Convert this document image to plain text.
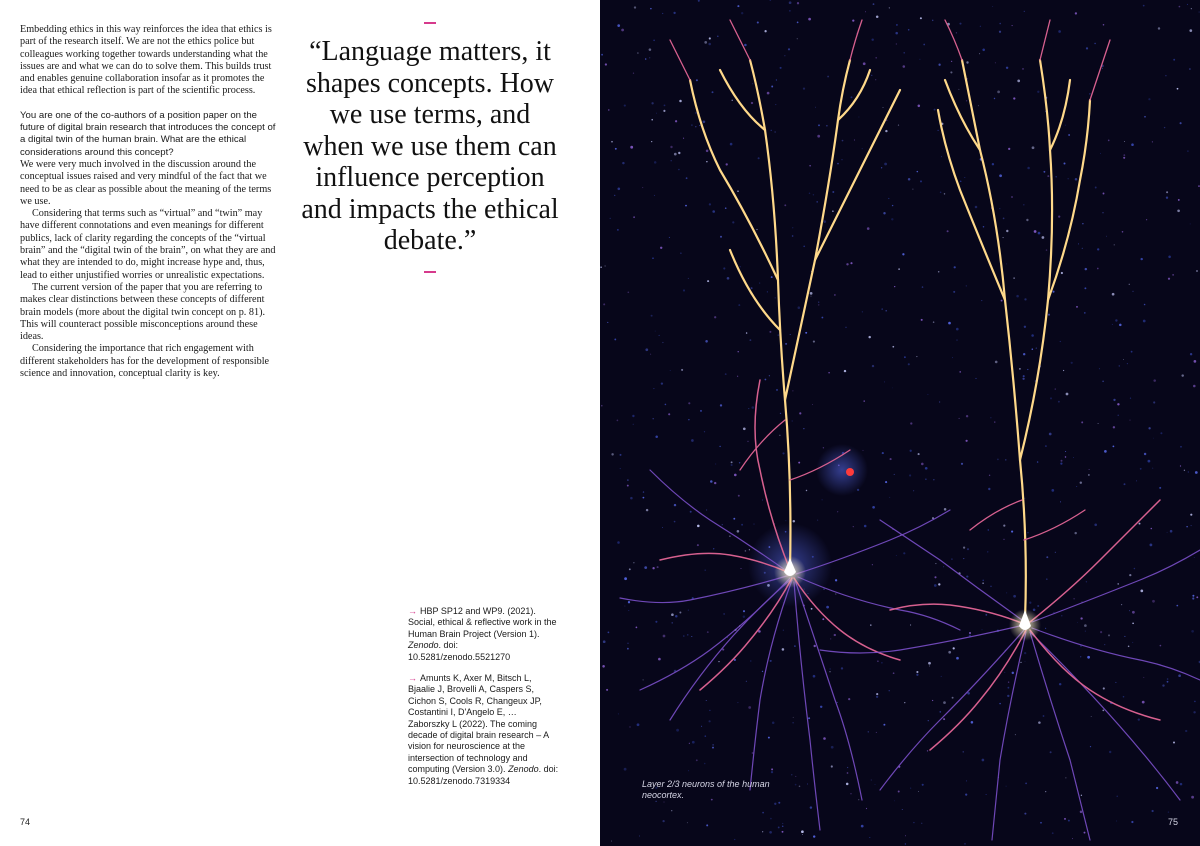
Embedding ethics in this way reinforces the idea that ethics is part of the research itself. We are not the ethics police but colleagues working together towards understanding what the issues are and what we can do to solve them. This builds trust and enables genuine collaboration insofar as it promotes the idea that ethical reflection is part of the scientific process.

You are one of the co-authors of a position paper on the future of digital brain research that introduces the concept of a digital twin of the human brain. What are the ethical considerations around this concept?

We were very much involved in the discussion around the conceptual issues raised and very mindful of the fact that we need to be as clear as possible about the meaning of the terms we use.

Considering that terms such as “virtual” and “twin” may have different connotations and even meanings for different publics, lack of clarity regarding the concepts of the “virtual brain” and the “digital twin of the brain”, on what they are and what they are intended to do, might increase hype and, thus, lead to either unjustified worries or unrealistic expectations.

The current version of the paper that you are referring to makes clear distinctions between these concepts of different brain models (more about the digital twin concept on p. 81). This will counteract possible misconceptions around these ideas.

Considering the importance that rich engagement with different stakeholders has for the development of responsible science and innovation, conceptual clarity is key.

“Language matters, it shapes concepts. How we use terms, and when we use them can influence perception and impacts the ethical debate.”

→ HBP SP12 and WP9. (2021). Social, ethical & reflective work in the Human Brain Project (Version 1). Zenodo. doi: 10.5281/zenodo.5521270

→ Amunts K, Axer M, Bitsch L, Bjaalie J, Brovelli A, Caspers S, Cichon S, Cools R, Changeux JP, Costantini I, D'Angelo E, … Zaborszky L (2022). The coming decade of digital brain research – A vision for neuroscience at the intersection of technology and computing (Version 3.0). Zenodo. doi: 10.5281/zenodo.7319334

74
Layer 2/3 neurons of the human neocortex.
75
